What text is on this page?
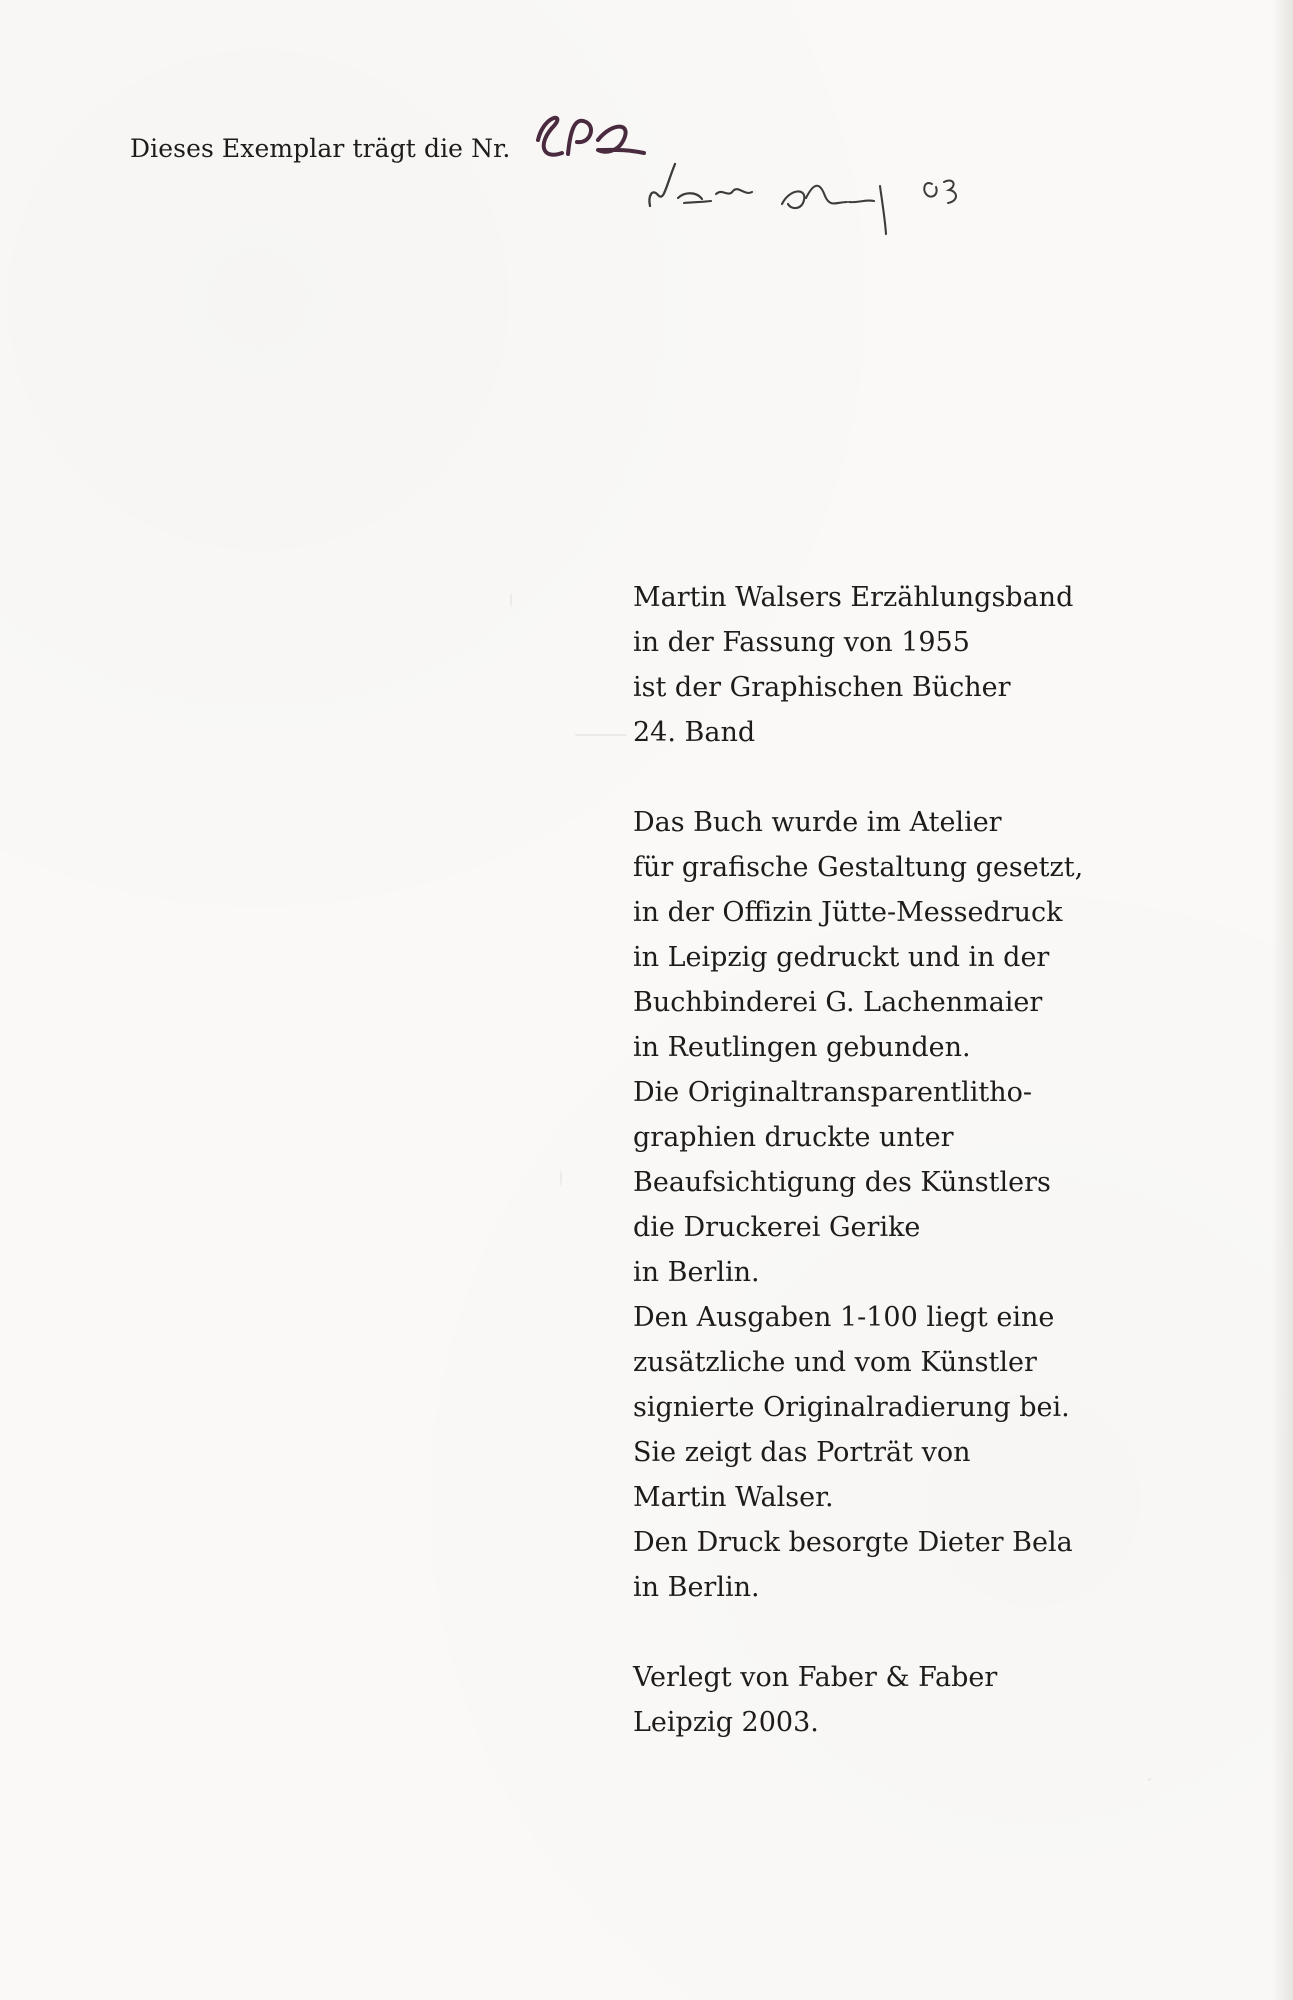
Dieses Exemplar trägt die Nr.

Martin Walsers Erzählungsband

in der Fassung von 1955

ist der Graphischen Bücher

24. Band

Das Buch wurde im Atelier

für grafische Gestaltung gesetzt,

in der Offizin Jütte-Messedruck

in Leipzig gedruckt und in der

Buchbinderei G. Lachenmaier

in Reutlingen gebunden.

Die Originaltransparentlitho-

graphien druckte unter

Beaufsichtigung des Künstlers

die Druckerei Gerike

in Berlin.

Den Ausgaben 1-100 liegt eine

zusätzliche und vom Künstler

signierte Originalradierung bei.

Sie zeigt das Porträt von

Martin Walser.

Den Druck besorgte Dieter Bela

in Berlin.

Verlegt von Faber & Faber

Leipzig 2003.
